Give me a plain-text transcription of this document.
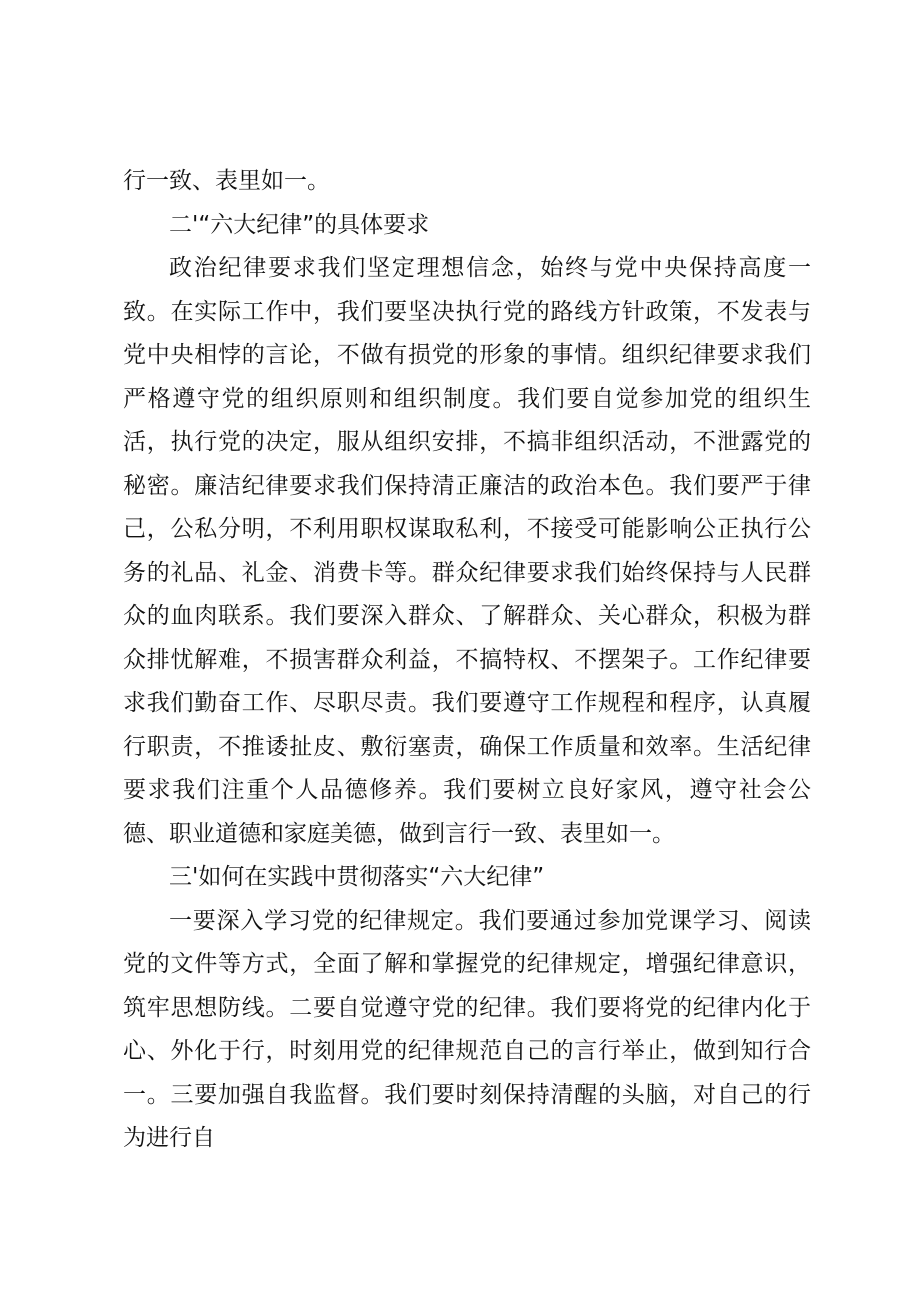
行一致、表里如一。

二'“六大纪律”的具体要求

政治纪律要求我们坚定理想信念，始终与党中央保持高度一致。在实际工作中，我们要坚决执行党的路线方针政策，不发表与党中央相悖的言论，不做有损党的形象的事情。组织纪律要求我们严格遵守党的组织原则和组织制度。我们要自觉参加党的组织生活，执行党的决定，服从组织安排，不搞非组织活动，不泄露党的秘密。廉洁纪律要求我们保持清正廉洁的政治本色。我们要严于律己，公私分明，不利用职权谋取私利，不接受可能影响公正执行公务的礼品、礼金、消费卡等。群众纪律要求我们始终保持与人民群众的血肉联系。我们要深入群众、了解群众、关心群众，积极为群众排忧解难，不损害群众利益，不搞特权、不摆架子。工作纪律要求我们勤奋工作、尽职尽责。我们要遵守工作规程和程序，认真履行职责，不推诿扯皮、敷衍塞责，确保工作质量和效率。生活纪律要求我们注重个人品德修养。我们要树立良好家风，遵守社会公德、职业道德和家庭美德，做到言行一致、表里如一。

三'如何在实践中贯彻落实“六大纪律”

一要深入学习党的纪律规定。我们要通过参加党课学习、阅读党的文件等方式，全面了解和掌握党的纪律规定，增强纪律意识，筑牢思想防线。二要自觉遵守党的纪律。我们要将党的纪律内化于心、外化于行，时刻用党的纪律规范自己的言行举止，做到知行合一。三要加强自我监督。我们要时刻保持清醒的头脑，对自己的行为进行自
